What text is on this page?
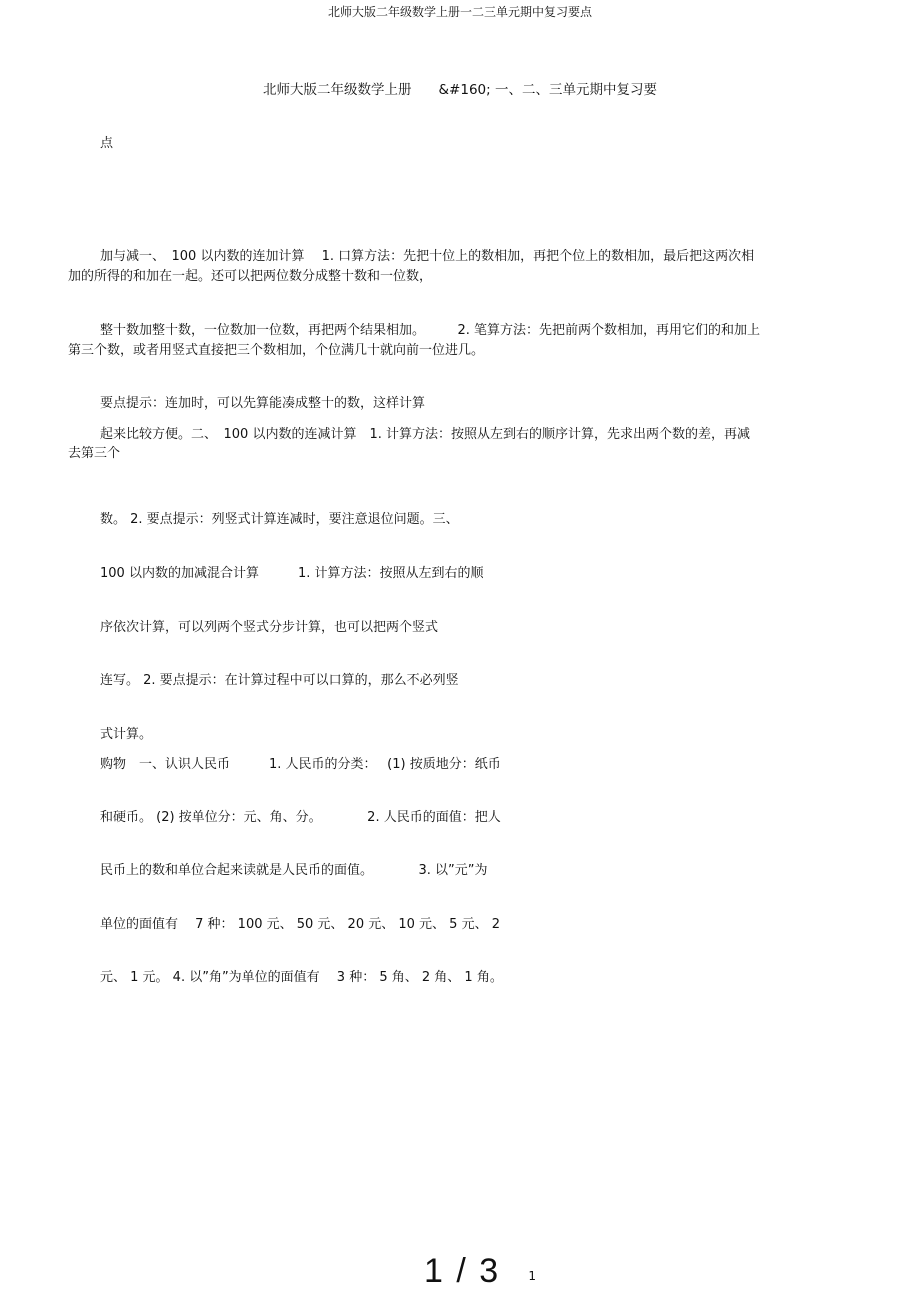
北师大版二年级数学上册一二三单元期中复习要点
北师大版二年级数学上册　　&#160; 一、二、三单元期中复习要
点
加与减一、　100 以内数的连加计算　 1. 口算方法：先把十位上的数相加，再把个位上的数相加，最后把这两次相
加的所得的和加在一起。还可以把两位数分成整十数和一位数，
整十数加整十数，一位数加一位数，再把两个结果相加。　　　2. 笔算方法：先把前两个数相加，再用它们的和加上
第三个数，或者用竖式直接把三个数相加，个位满几十就向前一位进几。
要点提示：连加时，可以先算能凑成整十的数，这样计算
起来比较方便。二、　100 以内数的连减计算　1. 计算方法：按照从左到右的顺序计算，先求出两个数的差，再减
去第三个
数。 2. 要点提示：列竖式计算连减时，要注意退位问题。三、
100 以内数的加减混合计算　　　1. 计算方法：按照从左到右的顺
序依次计算，可以列两个竖式分步计算，也可以把两个竖式
连写。 2. 要点提示：在计算过程中可以口算的，那么不必列竖
式计算。
购物　一、认识人民币　　　1. 人民币的分类：　 (1) 按质地分：纸币
和硬币。 (2) 按单位分：元、角、分。　　　　2. 人民币的面值：把人
民币上的数和单位合起来读就是人民币的面值。　　　　3. 以”元”为
单位的面值有　 7 种： 100 元、 50 元、 20 元、 10 元、 5 元、 2
元、 1 元。 4. 以”角”为单位的面值有　 3 种： 5 角、 2 角、 1 角。
1 / 3 1
